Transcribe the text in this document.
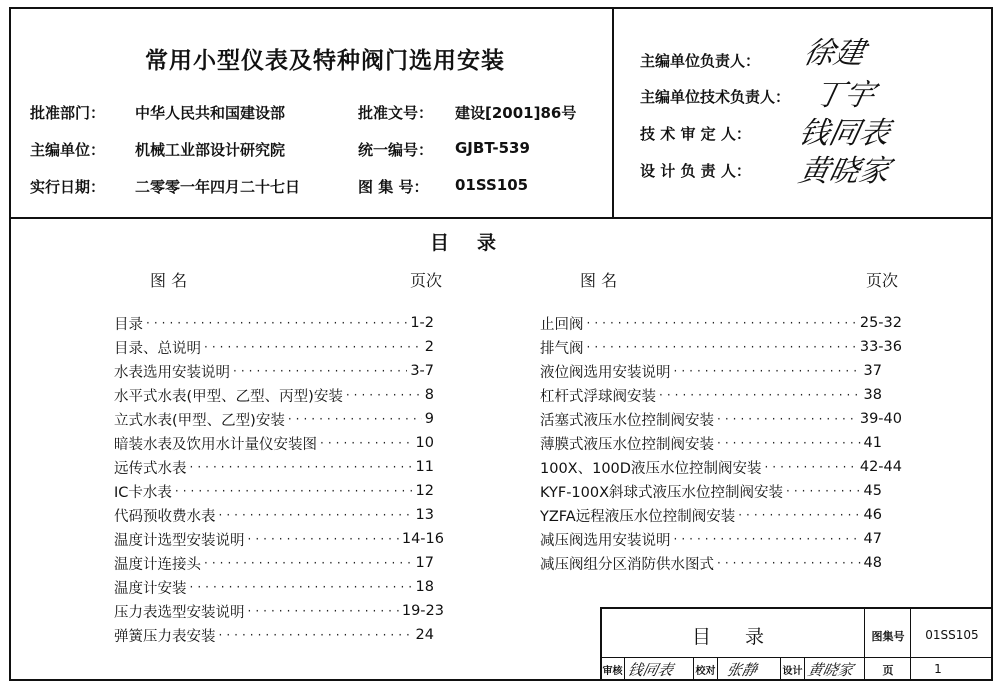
常用小型仪表及特种阀门选用安装
批准部门： 中华人民共和国建设部
主编单位： 机械工业部设计研究院
实行日期： 二零零一年四月二十七日
批准文号： 建设[2001]86号
统一编号： GJBT-539
图 集 号： 01SS105
主编单位负责人： 徐建
主编单位技术负责人： 丁宇
技 术 审 定 人： 钱同表
设 计 负 责 人： 黄晓家
目录
图 名	页次	图 名	页次
目录 ·····	1-2
目录、总说明 ·····	2
水表选用安装说明 ·····	3-7
水平式水表(甲型、乙型、丙型)安装 ·····	8
立式水表(甲型、乙型)安装 ·····	9
暗装水表及饮用水计量仪安装图 ·····	10
远传式水表 ·····	11
IC卡水表 ·····	12
代码预收费水表 ·····	13
温度计选型安装说明 ·····	14-16
温度计连接头 ·····	17
温度计安装 ·····	18
压力表选型安装说明 ·····	19-23
弹簧压力表安装 ·····	24
止回阀 ·····	25-32
排气阀 ·····	33-36
液位阀选用安装说明 ·····	37
杠杆式浮球阀安装 ·····	38
活塞式液压水位控制阀安装 ·····	39-40
薄膜式液压水位控制阀安装 ·····	41
100X、100D液压水位控制阀安装 ·····	42-44
KYF-100X斜球式液压水位控制阀安装 ·····	45
YZFA远程液压水位控制阀安装 ·····	46
减压阀选用安装说明 ·····	47
减压阀组分区消防供水图式 ·····	48
目 录	图集号	01SS105
审核 钱同表 校对 张静 设计 黄晓家	页	1
